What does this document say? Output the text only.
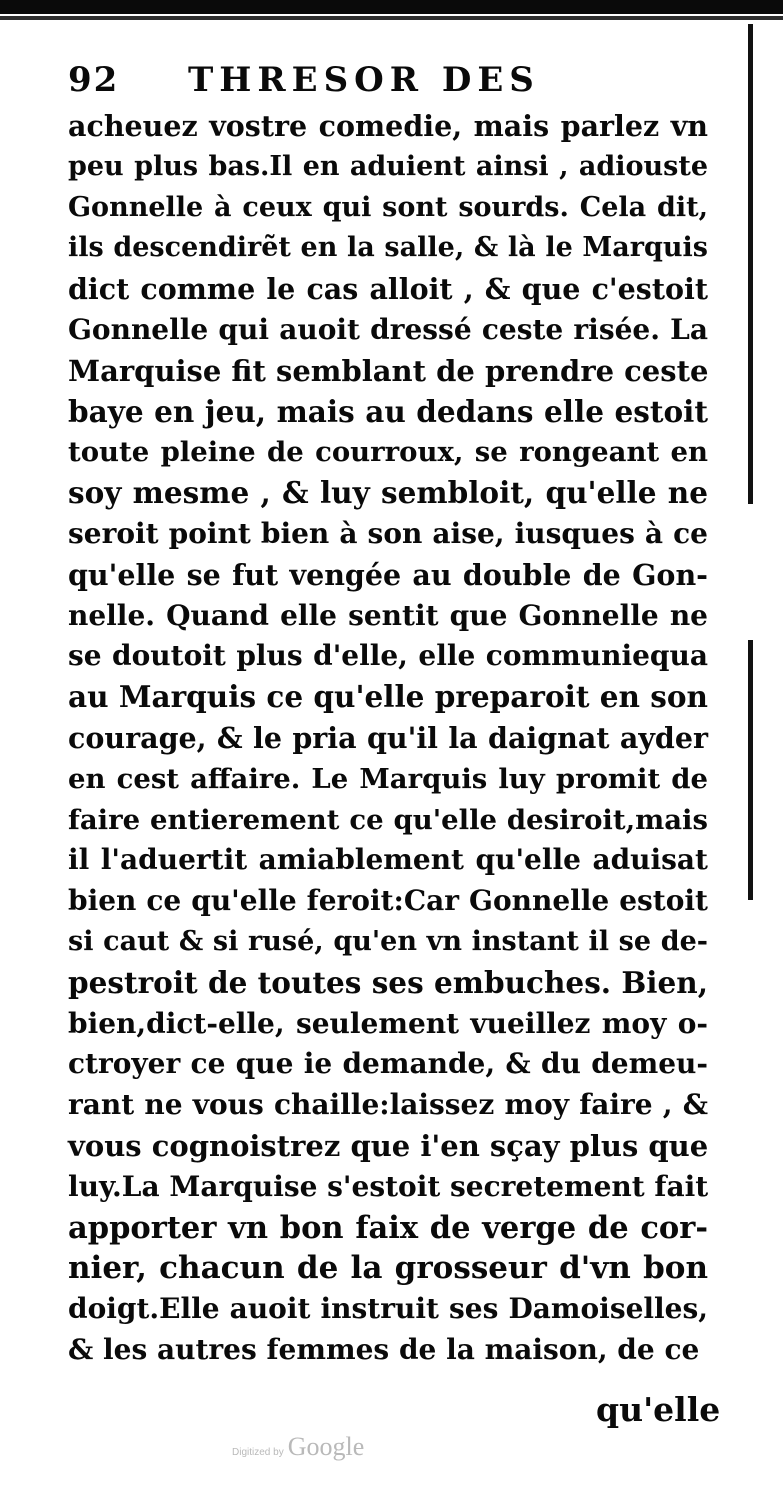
92	THRESOR DES
acheuez vostre comedie, mais parlez vn
peu plus bas.Il en aduient ainsi , adiouste
Gonnelle à ceux qui sont sourds. Cela dit,
ils descendirẽt en la salle, & là le Marquis
dict comme le cas alloit , & que c'estoit
Gonnelle qui auoit dressé ceste risée. La
Marquise fit semblant de prendre ceste
baye en jeu, mais au dedans elle estoit
toute pleine de courroux, se rongeant en
soy mesme , & luy sembloit, qu'elle ne
seroit point bien à son aise, iusques à ce
qu'elle se fut vengée au double de Gon-
nelle. Quand elle sentit que Gonnelle ne
se doutoit plus d'elle, elle communiequa
au Marquis ce qu'elle preparoit en son
courage, & le pria qu'il la daignat ayder
en cest affaire. Le Marquis luy promit de
faire entierement ce qu'elle desiroit,mais
il l'aduertit amiablement qu'elle aduisat
bien ce qu'elle feroit:Car Gonnelle estoit
si caut & si rusé, qu'en vn instant il se de-
pestroit de toutes ses embuches. Bien,
bien,dict-elle, seulement vueillez moy o-
ctroyer ce que ie demande, & du demeu-
rant ne vous chaille:laissez moy faire , &
vous cognoistrez que i'en sçay plus que
luy.La Marquise s'estoit secretement fait
apporter vn bon faix de verge de cor-
nier, chacun de la grosseur d'vn bon
doigt.Elle auoit instruit ses Damoiselles,
& les autres femmes de la maison, de ce
qu'elle
Digitized by Google
